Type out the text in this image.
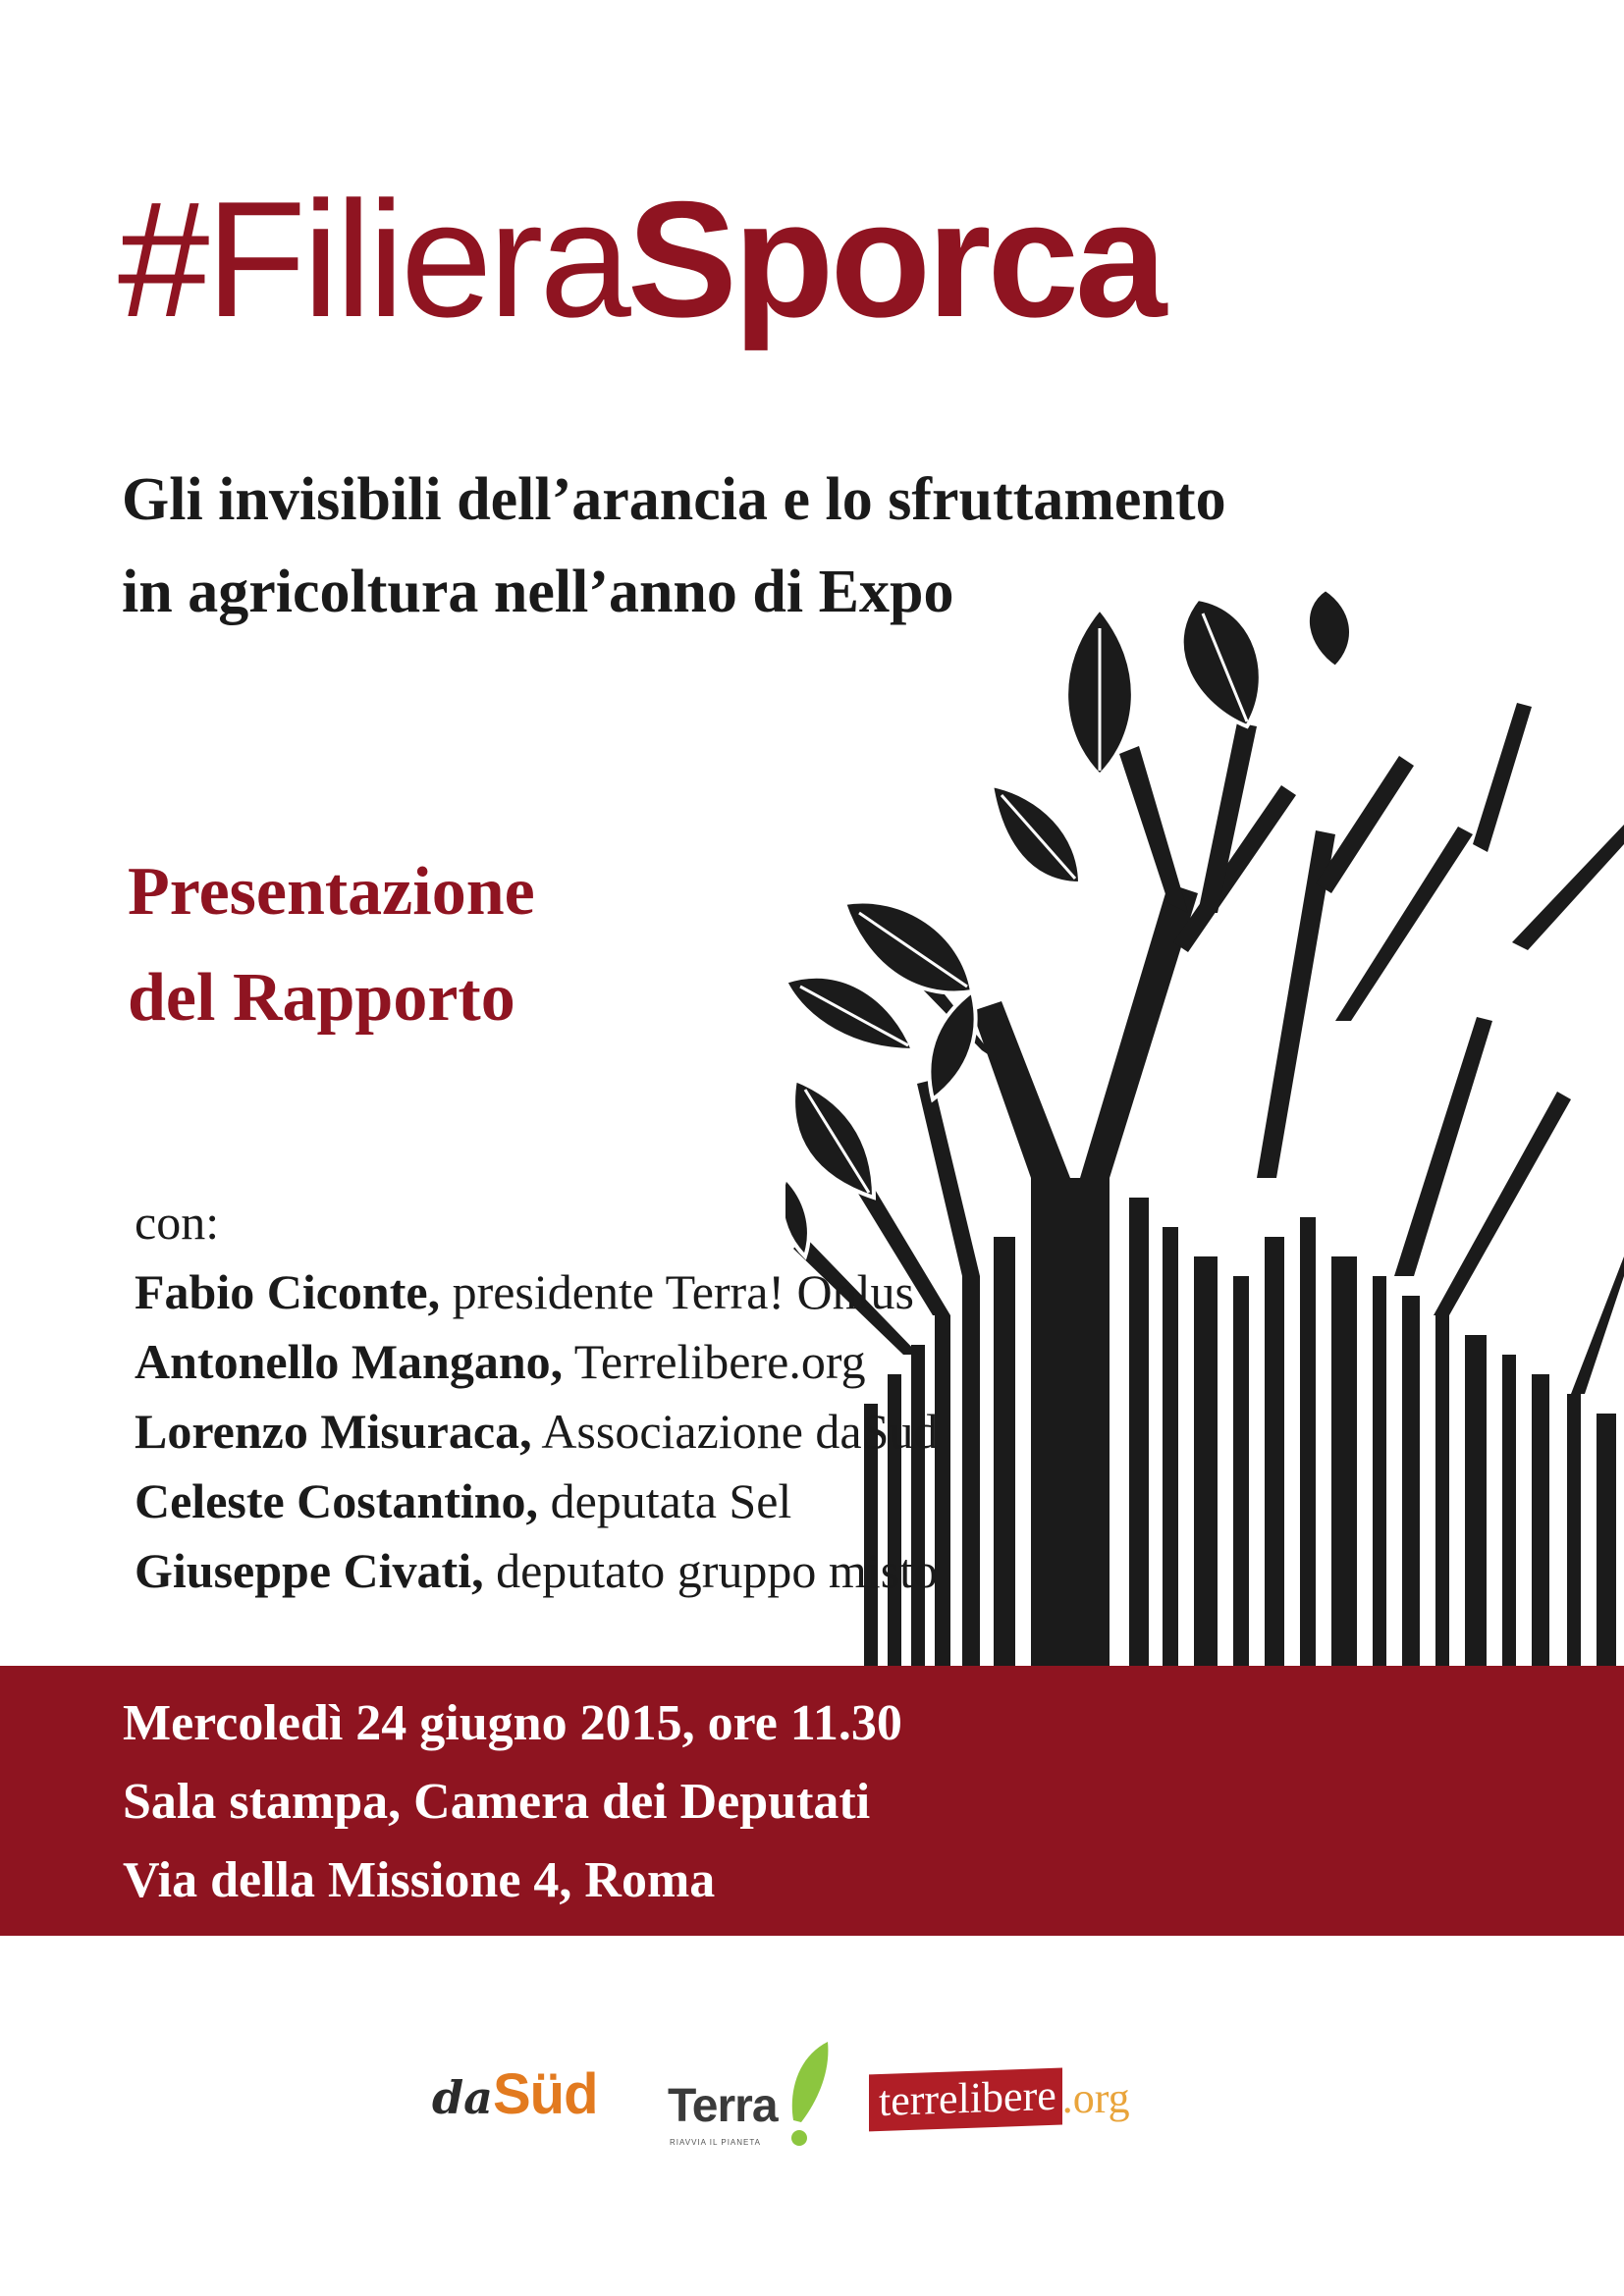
#FilieraSporca
Gli invisibili dell’arancia e lo sfruttamento
in agricoltura nell’anno di Expo
Presentazione
del Rapporto
con:
Fabio Ciconte, presidente Terra! Onlus
Antonello Mangano, Terrelibere.org
Lorenzo Misuraca, Associazione daSud
Celeste Costantino, deputata Sel
Giuseppe Civati, deputato gruppo misto
Mercoledì 24 giugno 2015, ore 11.30
Sala stampa, Camera dei Deputati
Via della Missione 4, Roma
daSüd Terra
RIAVVIA IL PIANETA
terrelibere .org
